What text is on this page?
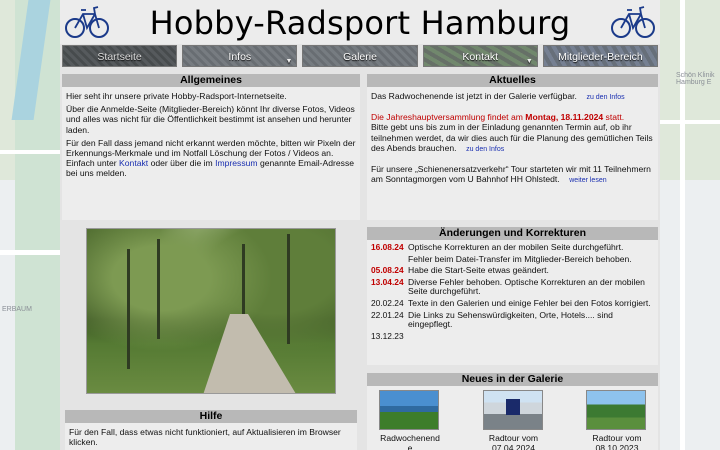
Schön Klinik Hamburg E
ERBAUM
Hobby-Radsport Hamburg
Startseite	Infos	▼	Galerie	Kontakt	▼	Mitglieder-Bereich
Allgemeines

Hier seht ihr unsere private Hobby-Radsport-Internetseite.

Über die Anmelde-Seite (Mitglieder-Bereich) könnt Ihr diverse Fotos, Videos und alles was nicht für die Öffentlichkeit bestimmt ist ansehen und herunter laden.

Für den Fall dass jemand nicht erkannt werden möchte, bitten wir Pixeln der Erkennungs-Merkmale und im Notfall Löschung der Fotos / Videos an.

Einfach unter Kontakt oder über die im Impressum genannte Email-Adresse bei uns melden.

Hilfe
Für den Fall, dass etwas nicht funktioniert, auf Aktualisieren im Browser klicken.
Aktuelles

Das Radwochenende ist jetzt in der Galerie verfügbar. zu den Infos

Die Jahreshauptversammlung findet am Montag, 18.11.2024 statt.

Bitte gebt uns bis zum in der Einladung genannten Termin auf, ob ihr teilnehmen werdet, da wir dies auch für die Planung des gemütlichen Teils des Abends brauchen. zu den Infos

Für unsere „Schienenersatzverkehr“ Tour starteten wir mit 11 Teilnehmern am Sonntagmorgen vom U Bahnhof HH Ohlstedt. weiter lesen

Änderungen und Korrekturen
16.08.24 Optische Korrekturen an der mobilen Seite durchgeführt.
Fehler beim Datei-Transfer im Mitglieder-Bereich behoben.
05.08.24 Habe die Start-Seite etwas geändert.
13.04.24 Diverse Fehler behoben. Optische Korrekturen an der mobilen Seite durchgeführt.
20.02.24 Texte in den Galerien und einige Fehler bei den Fotos korrigiert.
22.01.24 Die Links zu Sehenswürdigkeiten, Orte, Hotels.... sind eingepflegt.
13.12.23
Neues in der Galerie
Radwochenend
e
Radtour vom
07.04.2024
Radtour vom
08.10.2023
